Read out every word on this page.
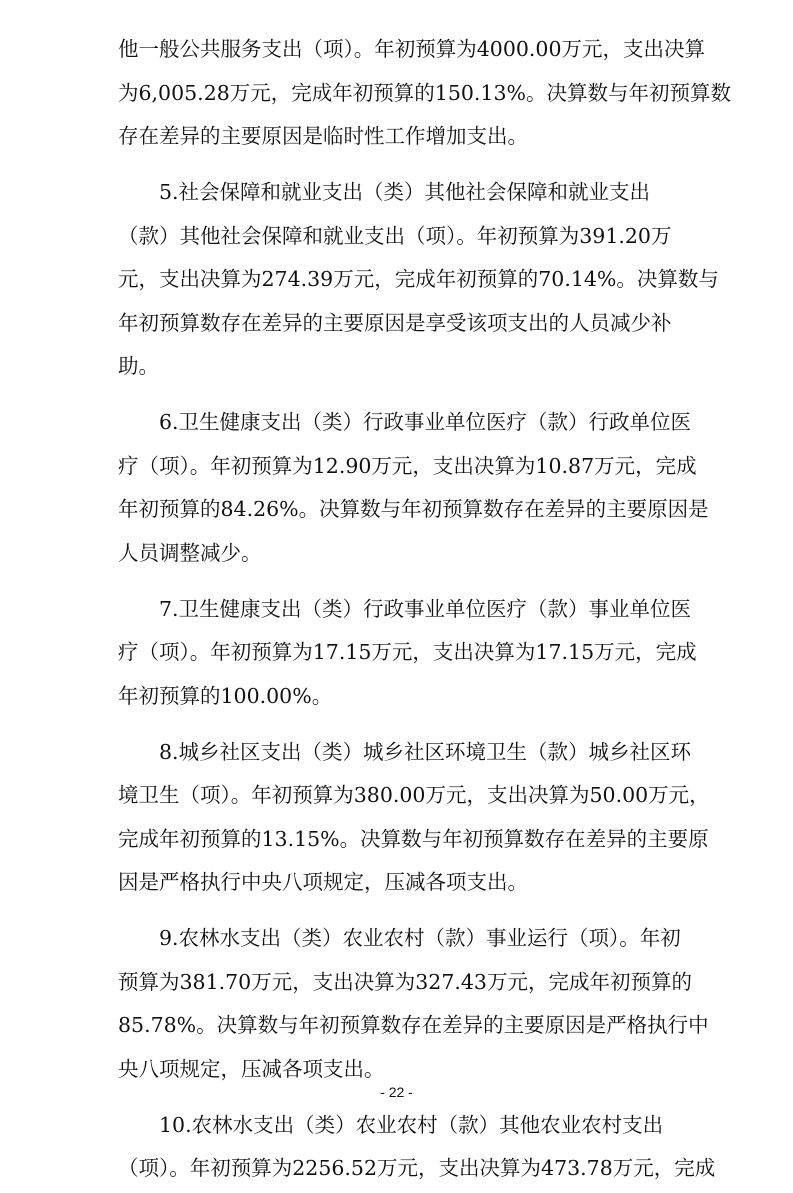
他一般公共服务支出（项）。年初预算为4000.00万元，支出决算
为6,005.28万元，完成年初预算的150.13%。决算数与年初预算数
存在差异的主要原因是临时性工作增加支出。
5.社会保障和就业支出（类）其他社会保障和就业支出
（款）其他社会保障和就业支出（项）。年初预算为391.20万
元，支出决算为274.39万元，完成年初预算的70.14%。决算数与
年初预算数存在差异的主要原因是享受该项支出的人员减少补
助。
6.卫生健康支出（类）行政事业单位医疗（款）行政单位医
疗（项）。年初预算为12.90万元，支出决算为10.87万元，完成
年初预算的84.26%。决算数与年初预算数存在差异的主要原因是
人员调整减少。
7.卫生健康支出（类）行政事业单位医疗（款）事业单位医
疗（项）。年初预算为17.15万元，支出决算为17.15万元，完成
年初预算的100.00%。
8.城乡社区支出（类）城乡社区环境卫生（款）城乡社区环
境卫生（项）。年初预算为380.00万元，支出决算为50.00万元，
完成年初预算的13.15%。决算数与年初预算数存在差异的主要原
因是严格执行中央八项规定，压减各项支出。
9.农林水支出（类）农业农村（款）事业运行（项）。年初
预算为381.70万元，支出决算为327.43万元，完成年初预算的
85.78%。决算数与年初预算数存在差异的主要原因是严格执行中
央八项规定，压减各项支出。
10.农林水支出（类）农业农村（款）其他农业农村支出
（项）。年初预算为2256.52万元，支出决算为473.78万元，完成
- 22 -
